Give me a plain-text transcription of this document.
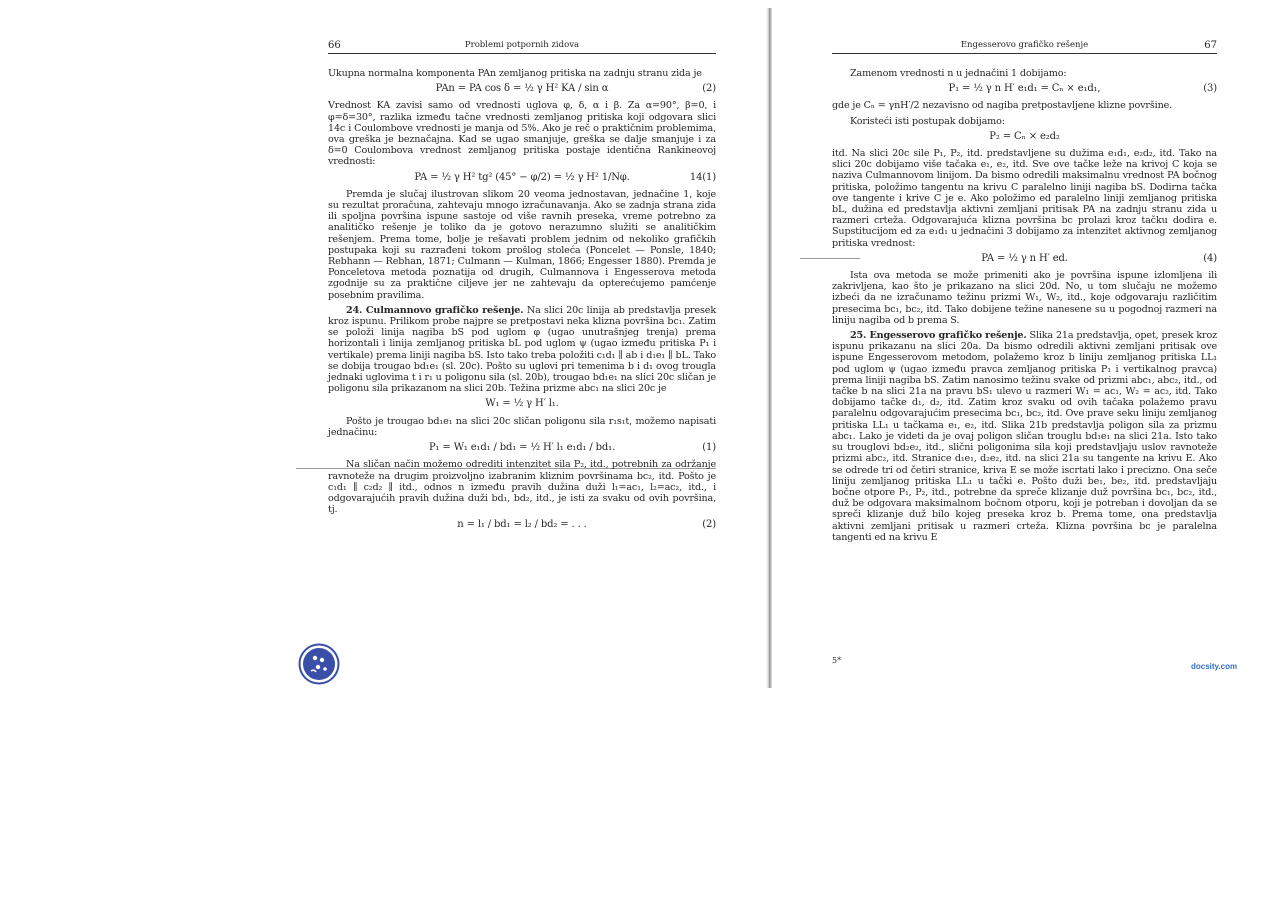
66	Problemi potpornih zidova

Ukupna normalna komponenta PAn zemljanog pritiska na zadnju stranu zida je

PAn = PA cos δ = ½ γ H² KA / sin α	(2)

Vrednost KA zavisi samo od vrednosti uglova φ, δ, α i β. Za α=90°, β=0, i φ=δ=30°, razlika između tačne vrednosti zemljanog pritiska koji odgovara slici 14c i Coulombove vrednosti je manja od 5%. Ako je reč o praktičnim problemima, ova greška je beznačajna. Kad se ugao smanjuje, greška se dalje smanjuje i za δ=0 Coulombova vrednost zemljanog pritiska postaje identična Rankineovoj vrednosti:

PA = ½ γ H² tg² (45° − φ/2) = ½ γ H² 1/Nφ.	14(1)

Premda je slučaj ilustrovan slikom 20 veoma jednostavan, jednačine 1, koje su rezultat proračuna, zahtevaju mnogo izračunavanja. Ako se zadnja strana zida ili spoljna površina ispune sastoje od više ravnih preseka, vreme potrebno za analitičko rešenje je toliko da je gotovo nerazumno služiti se analitičkim rešenjem. Prema tome, bolje je rešavati problem jednim od nekoliko grafičkih postupaka koji su razrađeni tokom prošlog stoleća (Poncelet — Ponsle, 1840; Rebhann — Rebhan, 1871; Culmann — Kulman, 1866; Engesser 1880). Premda je Ponceletova metoda poznatija od drugih, Culmannova i Engesserova metoda zgodnije su za praktične ciljeve jer ne zahtevaju da opterećujemo pamćenje posebnim pravilima.

24. Culmannovo grafičko rešenje. Na slici 20c linija ab predstavlja presek kroz ispunu. Prilikom probe najpre se pretpostavi neka klizna površina bc₁. Zatim se položi linija nagiba bS pod uglom φ (ugao unutrašnjeg trenja) prema horizontali i linija zemljanog pritiska bL pod uglom ψ (ugao između pritiska P₁ i vertikale) prema liniji nagiba bS. Isto tako treba položiti c₁d₁ ∥ ab i d₁e₁ ∥ bL. Tako se dobija trougao bd₁e₁ (sl. 20c). Pošto su uglovi pri temenima b i d₁ ovog trougla jednaki uglovima t i r₁ u poligonu sila (sl. 20b), trougao bd₁e₁ na slici 20c sličan je poligonu sila prikazanom na slici 20b. Težina prizme abc₁ na slici 20c je

W₁ = ½ γ H′ l₁.

Pošto je trougao bd₁e₁ na slici 20c sličan poligonu sila r₁s₁t, možemo napisati jednačinu:

P₁ = W₁ e₁d₁ / bd₁ = ½ H′ l₁ e₁d₁ / bd₁.	(1)

Na sličan način možemo odrediti intenzitet sila P₂, itd., potrebnih za održanje ravnoteže na drugim proizvoljno izabranim kliznim površinama bc₂, itd. Pošto je c₁d₁ ∥ c₂d₂ ∥ itd., odnos n između pravih dužina duži l₁=ac₁, l₂=ac₂, itd., i odgovarajućih pravih dužina duži bd₁, bd₂, itd., je isti za svaku od ovih površina, tj.

n = l₁ / bd₁ = l₂ / bd₂ = . . .	(2)
Engesserovo grafičko rešenje	67

Zamenom vrednosti n u jednačini 1 dobijamo:

P₁ = ½ γ n H′ e₁d₁ = Cₙ × e₁d₁,	(3)

gde je Cₙ = γnH′/2 nezavisno od nagiba pretpostavljene klizne površine.

Koristeći isti postupak dobijamo:

P₂ = Cₙ × e₂d₂

itd. Na slici 20c sile P₁, P₂, itd. predstavljene su dužima e₁d₁, e₂d₂, itd. Tako na slici 20c dobijamo više tačaka e₁, e₂, itd. Sve ove tačke leže na krivoj C koja se naziva Culmannovom linijom. Da bismo odredili maksimalnu vrednost PA bočnog pritiska, položimo tangentu na krivu C paralelno liniji nagiba bS. Dodirna tačka ove tangente i krive C je e. Ako položimo ed paralelno liniji zemljanog pritiska bL, dužina ed predstavlja aktivni zemljani pritisak PA na zadnju stranu zida u razmeri crteža. Odgovarajuća klizna površina bc prolazi kroz tačku dodira e. Supstitucijom ed za e₁d₁ u jednačini 3 dobijamo za intenzitet aktivnog zemljanog pritiska vrednost:

PA = ½ γ n H′ ed.	(4)

Ista ova metoda se može primeniti ako je površina ispune izlomljena ili zakrivljena, kao što je prikazano na slici 20d. No, u tom slučaju ne možemo izbeći da ne izračunamo težinu prizmi W₁, W₂, itd., koje odgovaraju različitim presecima bc₁, bc₂, itd. Tako dobijene težine nanesene su u pogodnoj razmeri na liniju nagiba od b prema S.

25. Engesserovo grafičko rešenje. Slika 21a predstavlja, opet, presek kroz ispunu prikazanu na slici 20a. Da bismo odredili aktivni zemljani pritisak ove ispune Engesserovom metodom, polažemo kroz b liniju zemljanog pritiska LL₁ pod uglom ψ (ugao između pravca zemljanog pritiska P₁ i vertikalnog pravca) prema liniji nagiba bS. Zatim nanosimo težinu svake od prizmi abc₁, abc₂, itd., od tačke b na slici 21a na pravu bS₁ ulevo u razmeri W₁ = ac₁, W₂ = ac₂, itd. Tako dobijamo tačke d₁, d₂, itd. Zatim kroz svaku od ovih tačaka polažemo pravu paralelnu odgovarajućim presecima bc₁, bc₂, itd. Ove prave seku liniju zemljanog pritiska LL₁ u tačkama e₁, e₂, itd. Slika 21b predstavlja poligon sila za prizmu abc₁. Lako je videti da je ovaj poligon sličan trouglu bd₁e₁ na slici 21a. Isto tako su trouglovi bd₂e₂, itd., slični poligonima sila koji predstavljaju uslov ravnoteže prizmi abc₂, itd. Stranice d₁e₁, d₂e₂, itd. na slici 21a su tangente na krivu E. Ako se odrede tri od četiri stranice, kriva E se može iscrtati lako i precizno. Ona seče liniju zemljanog pritiska LL₁ u tački e. Pošto duži be₁, be₂, itd. predstavljaju bočne otpore P₁, P₂, itd., potrebne da spreče klizanje duž površina bc₁, bc₂, itd., duž be odgovara maksimalnom bočnom otporu, koji je potreban i dovoljan da se spreči klizanje duž bilo kojeg preseka kroz b. Prema tome, ona predstavlja aktivni zemljani pritisak u razmeri crteža. Klizna površina bc je paralelna tangenti ed na krivu E

5*
docsity.com
